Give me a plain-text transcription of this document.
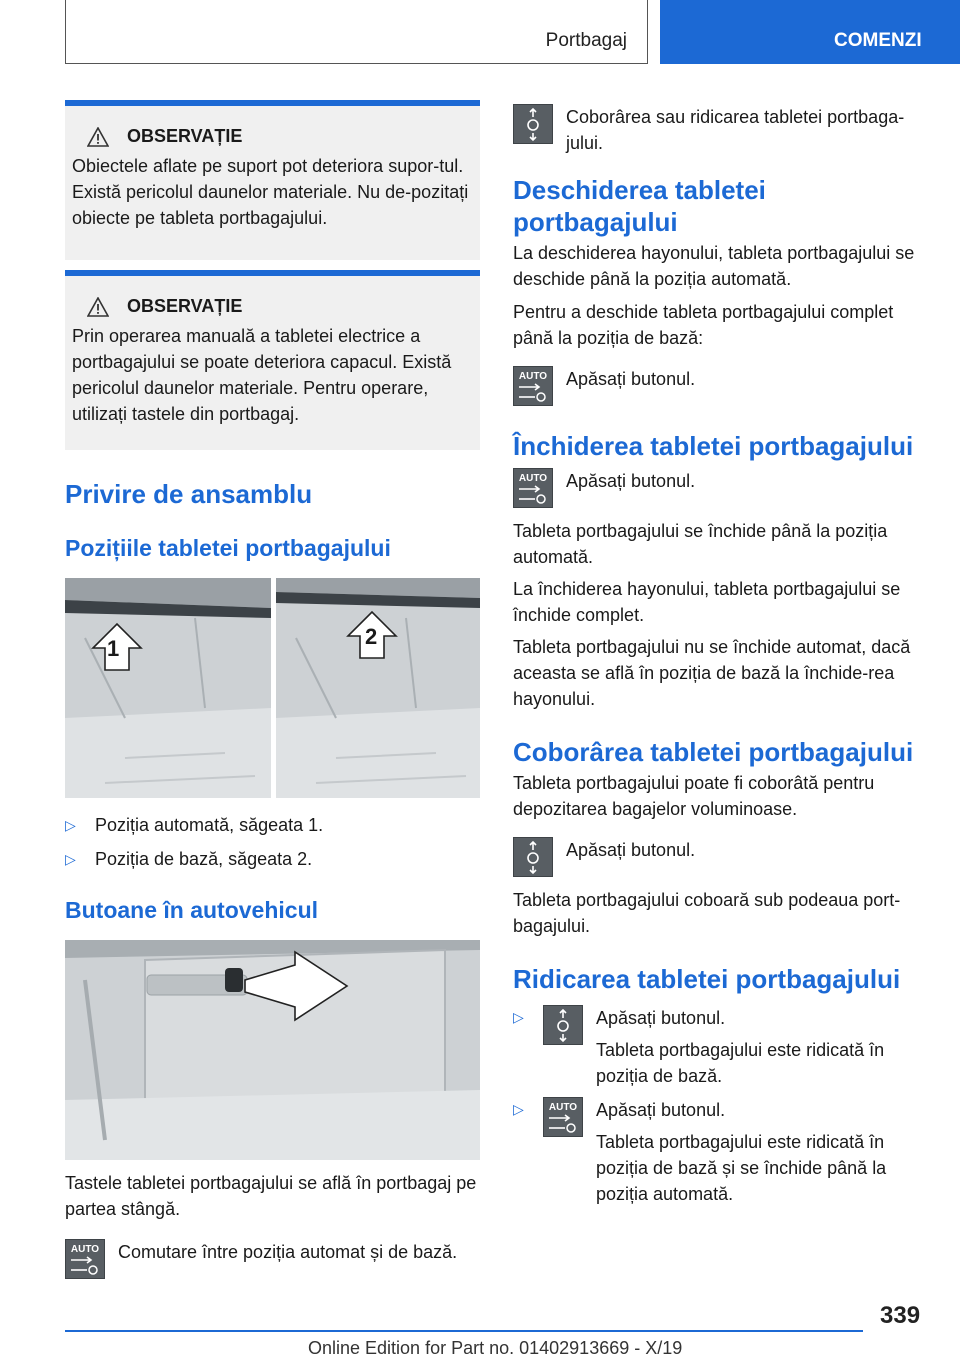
Portbagaj	COMENZI
OBSERVAȚIE
Obiectele aflate pe suport pot deteriora supor‐tul. Există pericolul daunelor materiale. Nu de‐pozitați obiecte pe tableta portbagajului.
OBSERVAȚIE
Prin operarea manuală a tabletei electrice a portbagajului se poate deteriora capacul. Există pericolul daunelor materiale. Pentru operare, utilizați tastele din portbagaj.
Privire de ansamblu
Pozițiile tabletei portbagajului
1	2
▷	Poziția automată, săgeata 1.
▷	Poziția de bază, săgeata 2.
Butoane în autovehicul
Tastele tabletei portbagajului se află în portbagaj pe partea stângă.
AUTO Comutare între poziția automat și de bază.
Coborârea sau ridicarea tabletei portbaga‐jului.
Deschiderea tabletei portbagajului
La deschiderea hayonului, tableta portbagajului se deschide până la poziția automată.
Pentru a deschide tableta portbagajului complet până la poziția de bază:
AUTO Apăsați butonul.
Închiderea tabletei portbagajului
AUTO Apăsați butonul.
Tableta portbagajului se închide până la poziția automată.
La închiderea hayonului, tableta portbagajului se închide complet.
Tableta portbagajului nu se închide automat, dacă aceasta se află în poziția de bază la închide‐rea hayonului.
Coborârea tabletei portbagajului
Tableta portbagajului poate fi coborâtă pentru depozitarea bagajelor voluminoase.
Apăsați butonul.
Tableta portbagajului coboară sub podeaua port‐bagajului.
Ridicarea tabletei portbagajului
▷	Apăsați butonul.
Tableta portbagajului este ridicată în poziția de bază.
▷	AUTO Apăsați butonul.
Tableta portbagajului este ridicată în poziția de bază și se închide până la poziția automată.
339
Online Edition for Part no. 01402913669 - X/19
